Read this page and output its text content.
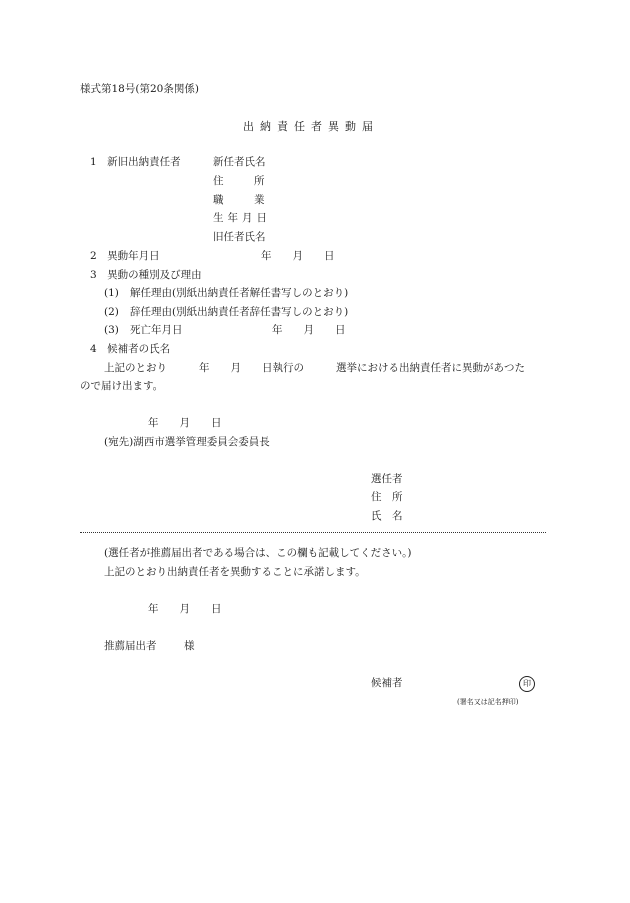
様式第18号(第20条関係)
出納責任者異動届
1　新旧出納責任者	新任者氏名
住　所
職　業
生年月日
旧任者氏名
2　異動年月日	年　　月　　日
3　異動の種別及び理由
(1) 解任理由(別紙出納責任者解任書写しのとおり)
(2) 辞任理由(別紙出納責任者辞任書写しのとおり)
(3) 死亡年月日	年　　月　　日
4　候補者の氏名
上記のとおり	年　　月　　日執行の	選挙における出納責任者に異動があつた
ので届け出ます。
年　　月　　日
(宛先)湖西市選挙管理委員会委員長
選任者
住　所
氏　名
(選任者が推薦届出者である場合は、この欄も記載してください。)
上記のとおり出納責任者を異動することに承諾します。
年　　月　　日
推薦届出者	様
候補者	印
(署名又は記名押印)
